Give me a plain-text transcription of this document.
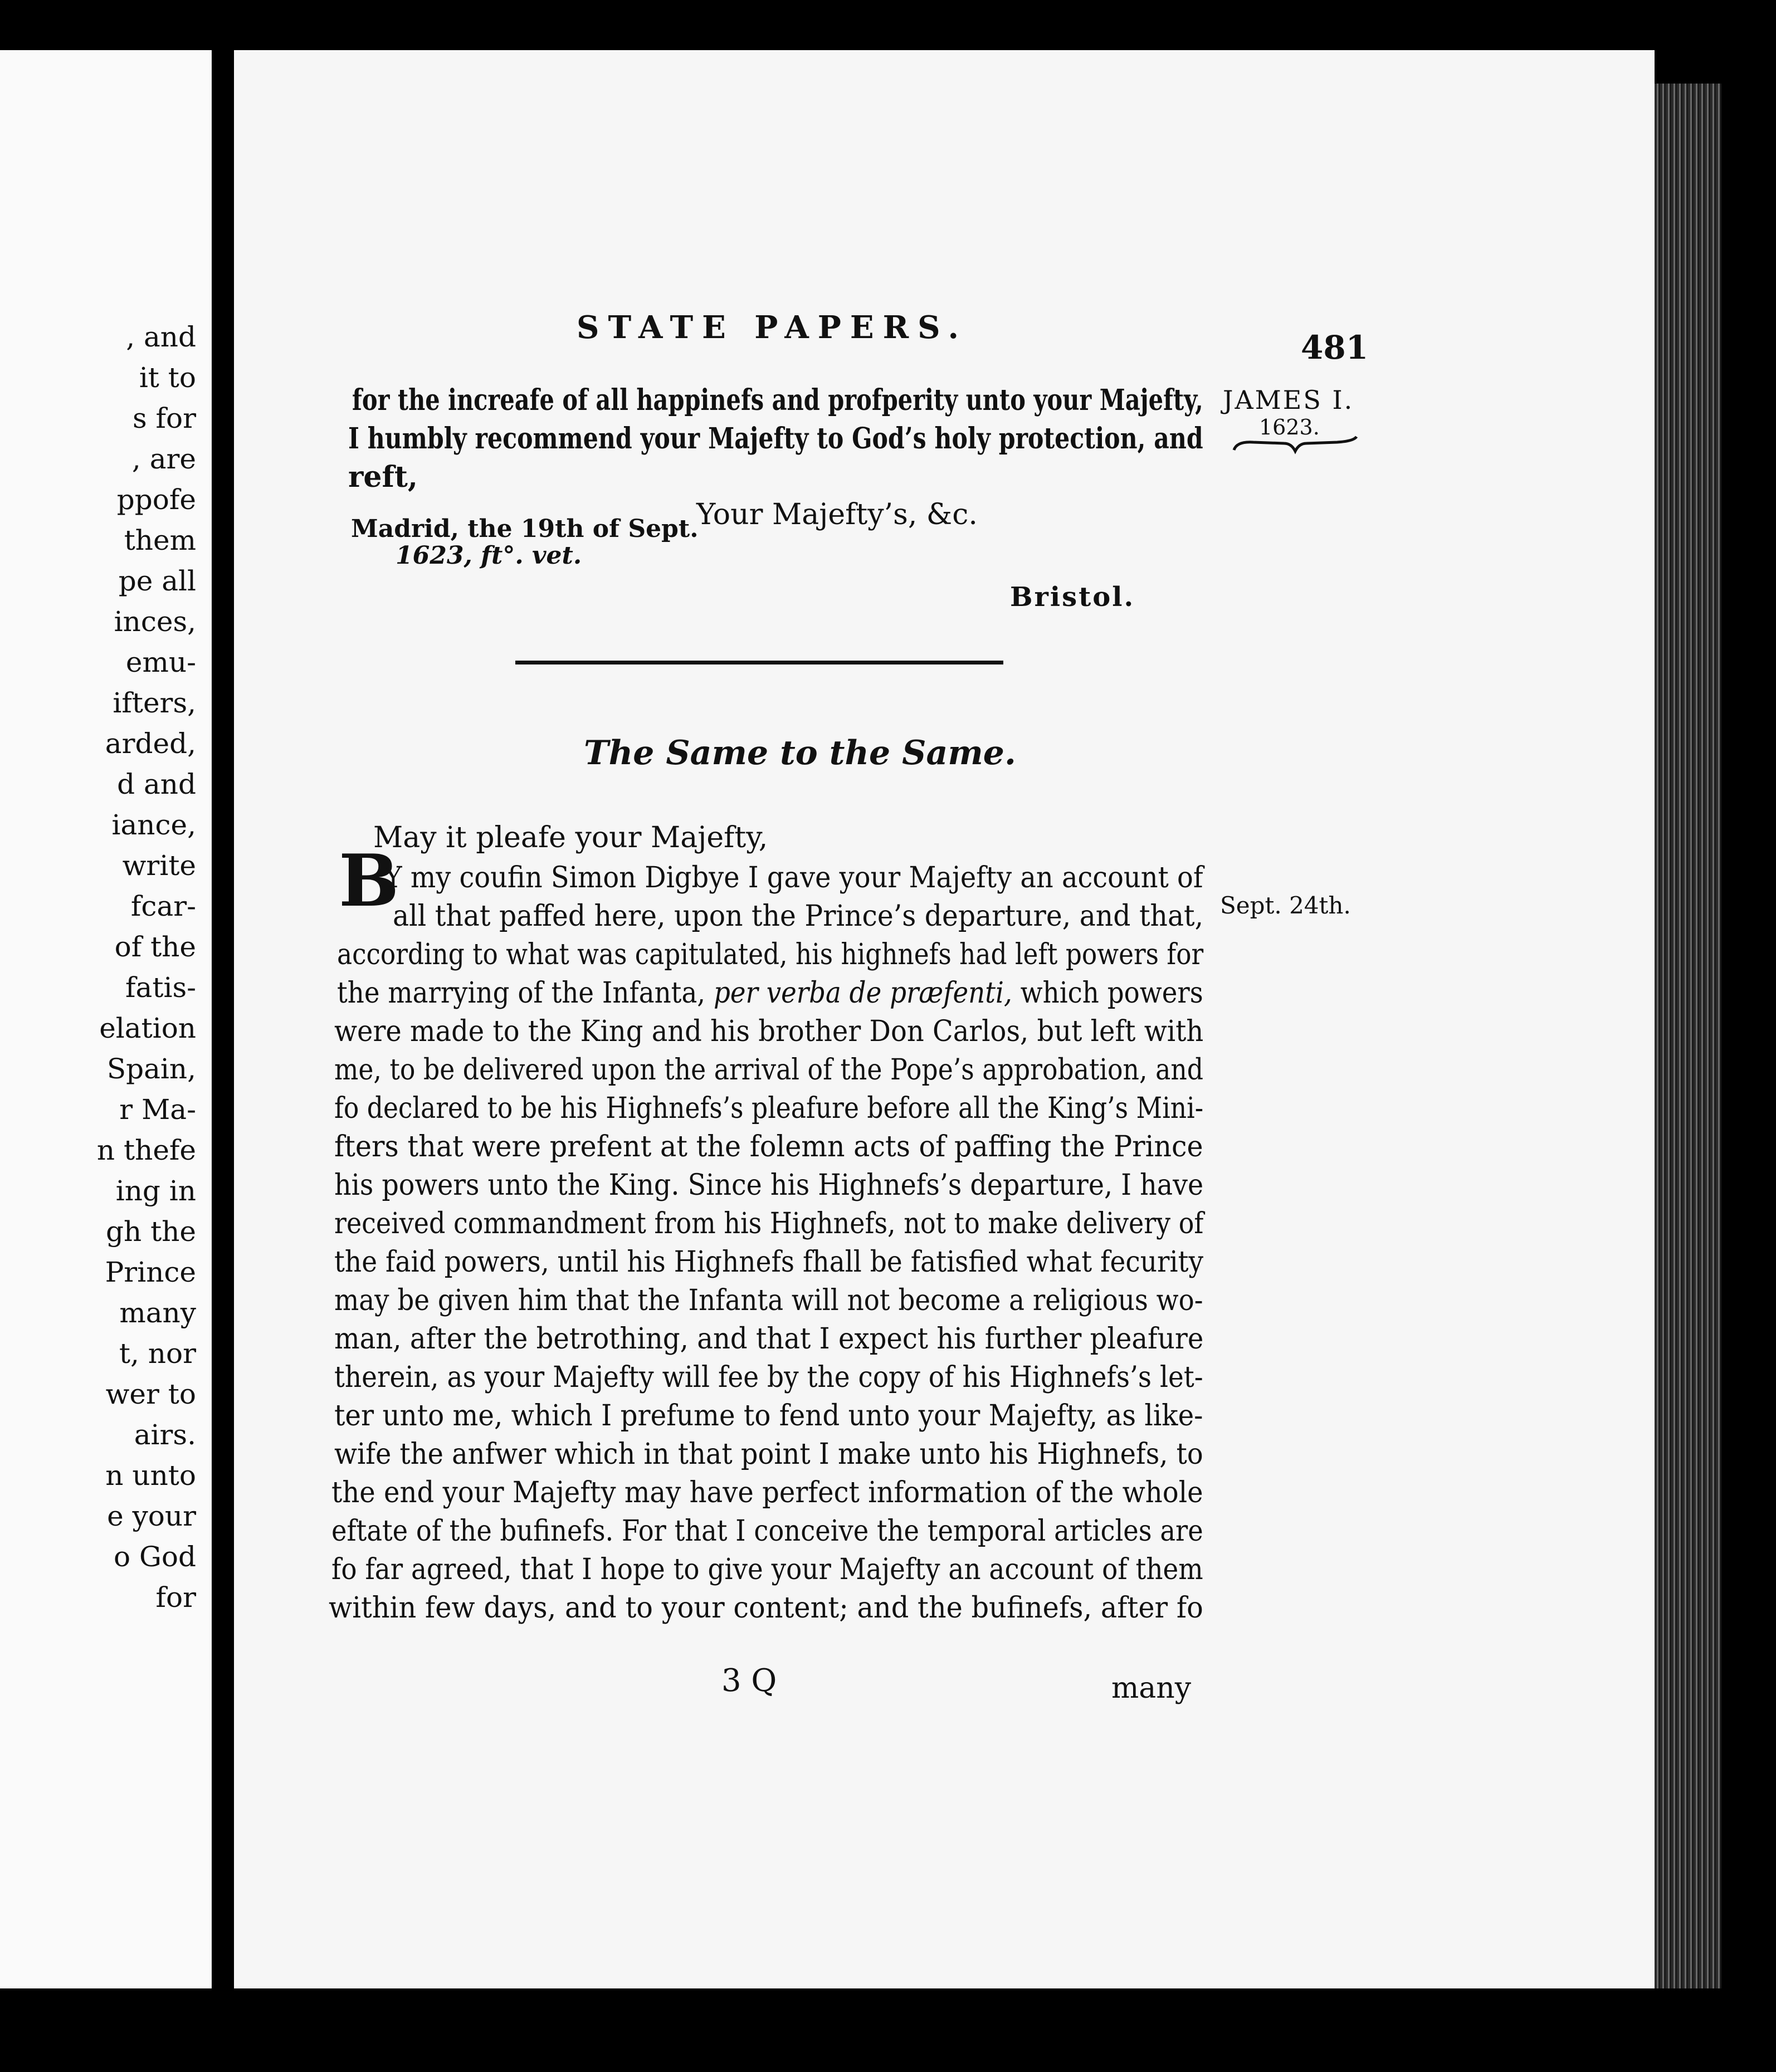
, and
it to
s for
, are
ppofe
them
pe all
inces,
emu-
ifters,
arded,
d and
iance,
write
fcar-
of the
fatis-
elation
Spain,
r Ma-
n thefe
ing in
gh the
Prince
many
t, nor
wer to
airs.
n unto
e your
o God
for
STATE PAPERS.
481
JAMES I.
1623.
Sept. 24th.
for the increafe of all happinefs and profperity unto your Majefty,
I humbly recommend your Majefty to God’s holy protection, and
reft,
Your Majefty’s, &c.
Madrid, the 19th of Sept.
1623, ft°. vet.
Bristol.
The Same to the Same.
May it pleafe your Majefty,
B
Y my coufin Simon Digbye I gave your Majefty an account of
all that paffed here, upon the Prince’s departure, and that,
according to what was capitulated, his highnefs had left powers for
the marrying of the Infanta, per verba de præfenti, which powers
were made to the King and his brother Don Carlos, but left with
me, to be delivered upon the arrival of the Pope’s approbation, and
fo declared to be his Highnefs’s pleafure before all the King’s Mini-
fters that were prefent at the folemn acts of paffing the Prince
his powers unto the King. Since his Highnefs’s departure, I have
received commandment from his Highnefs, not to make delivery of
the faid powers, until his Highnefs fhall be fatisfied what fecurity
may be given him that the Infanta will not become a religious wo-
man, after the betrothing, and that I expect his further pleafure
therein, as your Majefty will fee by the copy of his Highnefs’s let-
ter unto me, which I prefume to fend unto your Majefty, as like-
wife the anfwer which in that point I make unto his Highnefs, to
the end your Majefty may have perfect information of the whole
eftate of the bufinefs. For that I conceive the temporal articles are
fo far agreed, that I hope to give your Majefty an account of them
within few days, and to your content; and the bufinefs, after fo
3 Q	many
